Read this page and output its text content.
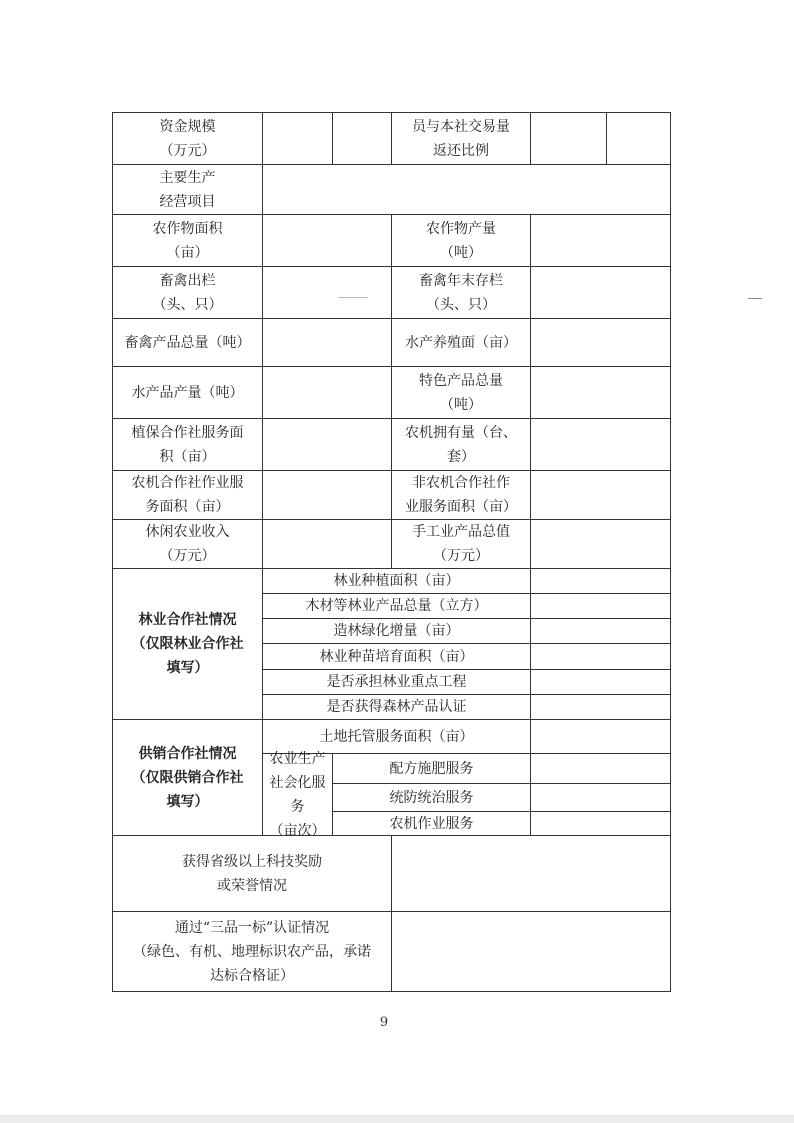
资金规模
（万元）
员与本社交易量
返还比例
主要生产
经营项目
农作物面积
（亩）
农作物产量
（吨）
畜禽出栏
（头、只）
畜禽年末存栏
（头、只）
畜禽产品总量（吨）	水产养殖面（亩）
水产品产量（吨）
特色产品总量
（吨）
植保合作社服务面
积（亩）
农机拥有量（台、
套）
农机合作社作业服
务面积（亩）
非农机合作社作
业服务面积（亩）
休闲农业收入
（万元）
手工业产品总值
（万元）
林业合作社情况
（仅限林业合作社
填写）
林业种植面积（亩）
木材等林业产品总量（立方）
造林绿化增量（亩）
林业种苗培育面积（亩）
是否承担林业重点工程
是否获得森林产品认证
供销合作社情况
（仅限供销合作社
填写）
土地托管服务面积（亩）
农业生产
社会化服务
（亩次）
配方施肥服务
统防统治服务
农机作业服务
获得省级以上科技奖励
或荣誉情况
通过“三品一标”认证情况
（绿色、有机、地理标识农产品，承诺
达标合格证）
9
